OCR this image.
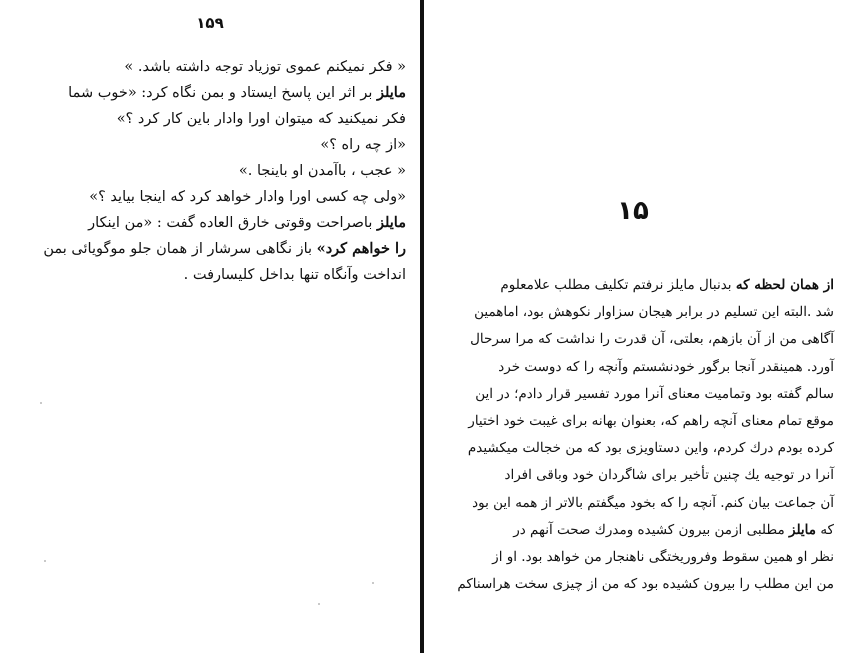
۱۵۹

« فکر نمیکنم عموی توزیاد توجه داشته باشد. »

مایلز بر اثر این پاسخ ایستاد و بمن نگاه کرد: «خوب شما

فکر نمیکنید که میتوان اورا وادار باین کار کرد ؟»

«از چه راه ؟»

« عجب ، باآمدن او باینجا .»

«ولی چه کسی اورا وادار خواهد کرد که اینجا بیاید ؟»

مایلز باصراحت وقوتی خارق العاده گفت : «من اینکار

را خواهم کرد» باز نگاهی سرشار از همان جلو موگویائی بمن

انداخت وآنگاه تنها بداخل کلیسارفت .

۱۵

از همان لحظه که بدنبال مایلز نرفتم تکلیف مطلب علامعلوم

شد .البته این تسلیم در برابر هیجان سزاوار نکوهش بود، اماهمین

آگاهی من از آن بازهم، بعلتی، آن قدرت را نداشت که مرا سرحال

آورد. همینقدر آنجا برگور خودنشستم وآنچه را که دوست خرد

سالم گفته بود وتمامیت معنای آنرا مورد تفسیر قرار دادم؛ در این

موقع تمام معنای آنچه راهم که، بعنوان بهانه برای غیبت خود اختیار

کرده بودم درك کردم، واین دستاویزی بود که من خجالت میکشیدم

آنرا در توجیه یك چنین تأخیر برای شاگردان خود وباقی افراد

آن جماعت بیان کنم. آنچه را که بخود میگفتم بالاتر از همه این بود

که مایلز مطلبی ازمن بیرون کشیده ومدرك صحت آنهم در

نظر او همین سقوط وفروریختگی ناهنجار من خواهد بود. او از

من این مطلب را بیرون کشیده بود که من از چیزی سخت هراسناکم
